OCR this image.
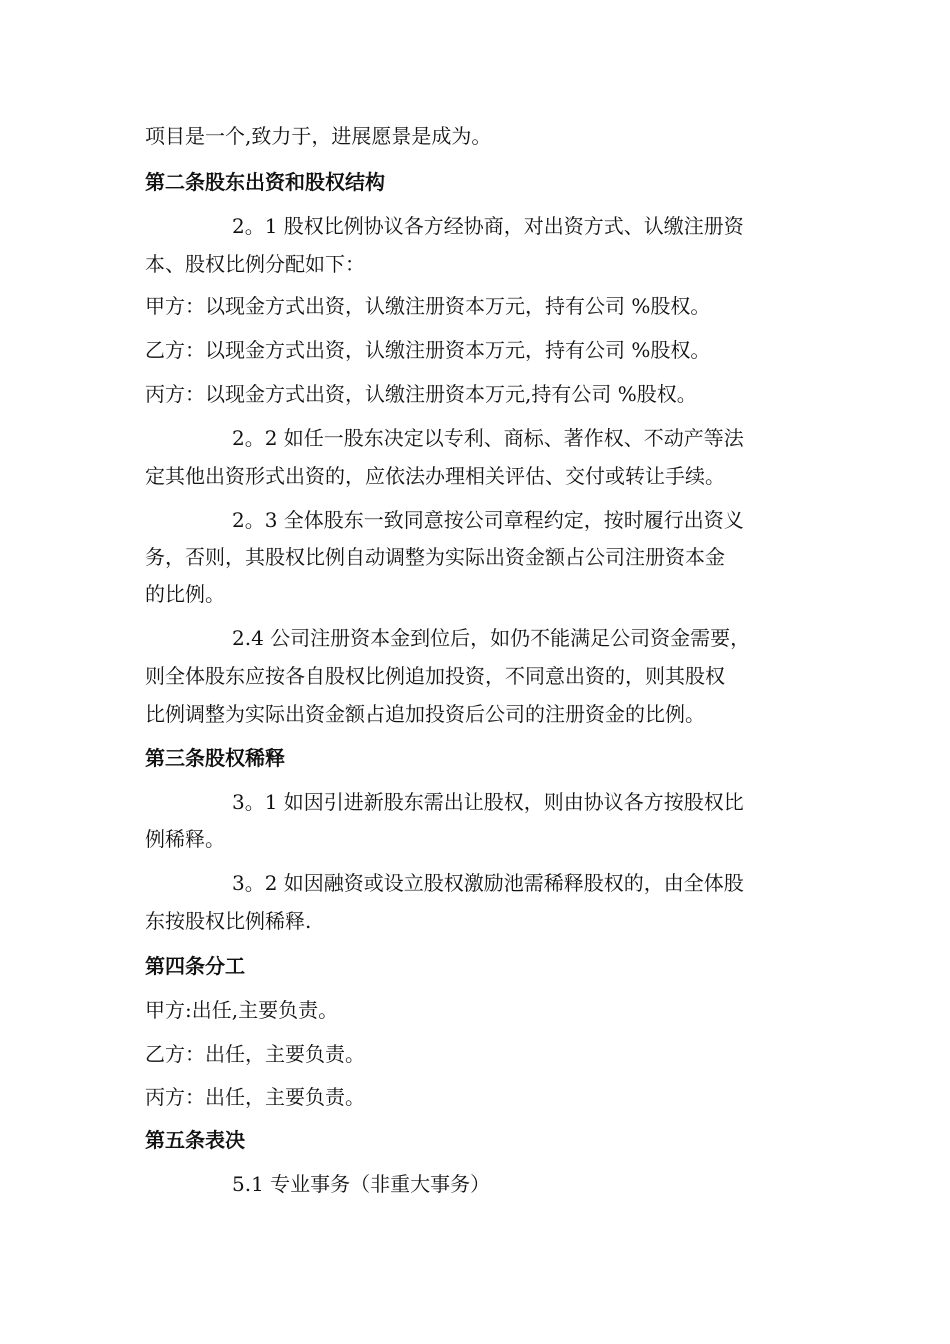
项目是一个,致力于，进展愿景是成为。
第二条股东出资和股权结构
2。1 股权比例协议各方经协商，对出资方式、认缴注册资
本、股权比例分配如下：
甲方：以现金方式出资，认缴注册资本万元，持有公司 %股权。
乙方：以现金方式出资，认缴注册资本万元，持有公司 %股权。
丙方：以现金方式出资，认缴注册资本万元,持有公司 %股权。
2。2 如任一股东决定以专利、商标、著作权、不动产等法
定其他出资形式出资的，应依法办理相关评估、交付或转让手续。
2。3 全体股东一致同意按公司章程约定，按时履行出资义
务，否则，其股权比例自动调整为实际出资金额占公司注册资本金
的比例。
2.4 公司注册资本金到位后，如仍不能满足公司资金需要，
则全体股东应按各自股权比例追加投资，不同意出资的，则其股权
比例调整为实际出资金额占追加投资后公司的注册资金的比例。
第三条股权稀释
3。1 如因引进新股东需出让股权，则由协议各方按股权比
例稀释。
3。2 如因融资或设立股权激励池需稀释股权的，由全体股
东按股权比例稀释.
第四条分工
甲方:出任,主要负责。
乙方：出任，主要负责。
丙方：出任，主要负责。
第五条表决
5.1 专业事务（非重大事务）
